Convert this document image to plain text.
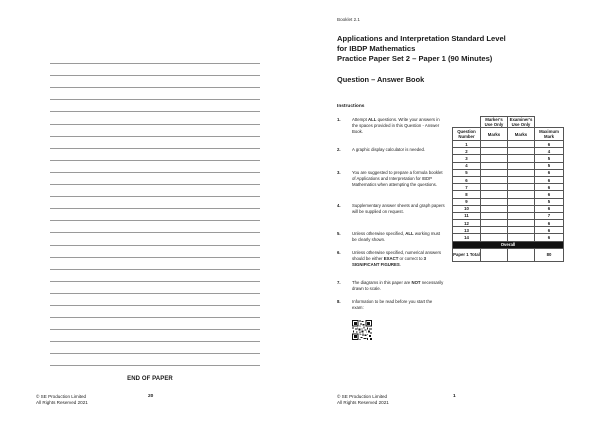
END OF PAPER
© SE Production Limited
All Rights Reserved 2021
20
Booklet 2.1
Applications and Interpretation Standard Level
for IBDP Mathematics
Practice Paper Set 2 – Paper 1 (90 Minutes)
Question – Answer Book
Instructions
1.	Attempt ALL questions. Write your answers in the spaces provided in this Question - Answer Book.
2.	A graphic display calculator is needed.
3.	You are suggested to prepare a formula booklet of Applications and Interpretation for IBDP Mathematics when attempting the questions.
4.	Supplementary answer sheets and graph papers will be supplied on request.
5.	Unless otherwise specified, ALL working must be clearly shown.
6.	Unless otherwise specified, numerical answers should be either EXACT or correct to 3 SIGNIFICANT FIGURES.
7.	The diagrams in this paper are NOT necessarily drawn to scale.
8.	Information to be read before you start the exam:
	Marker's Use Only	Examiner's Use Only	
Question Number	Marks	Marks	Maximum Mark
1			6
2			4
3			5
4			5
5			6
6			6
7			6
8			6
9			5
10			6
11			7
12			6
13			6
14			6
Overall			
Paper 1 Total			80
© SE Production Limited
All Rights Reserved 2021
1
